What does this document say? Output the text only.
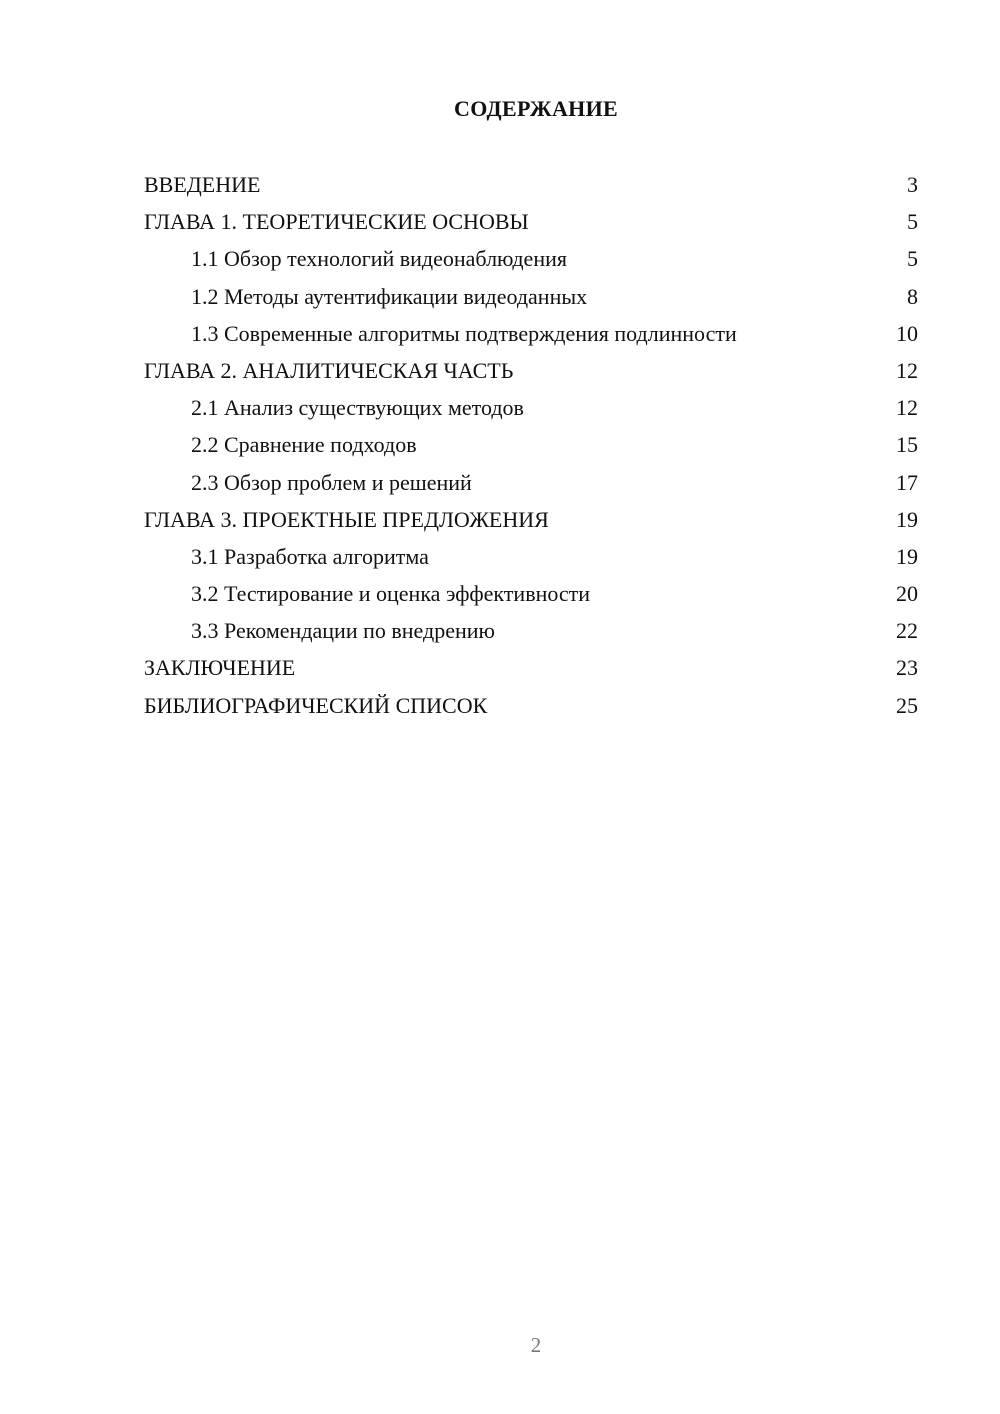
СОДЕРЖАНИЕ
ВВЕДЕНИЕ	3
ГЛАВА 1. ТЕОРЕТИЧЕСКИЕ ОСНОВЫ	5
1.1 Обзор технологий видеонаблюдения	5
1.2 Методы аутентификации видеоданных	8
1.3 Современные алгоритмы подтверждения подлинности	10
ГЛАВА 2. АНАЛИТИЧЕСКАЯ ЧАСТЬ	12
2.1 Анализ существующих методов	12
2.2 Сравнение подходов	15
2.3 Обзор проблем и решений	17
ГЛАВА 3. ПРОЕКТНЫЕ ПРЕДЛОЖЕНИЯ	19
3.1 Разработка алгоритма	19
3.2 Тестирование и оценка эффективности	20
3.3 Рекомендации по внедрению	22
ЗАКЛЮЧЕНИЕ	23
БИБЛИОГРАФИЧЕСКИЙ СПИСОК	25
2
